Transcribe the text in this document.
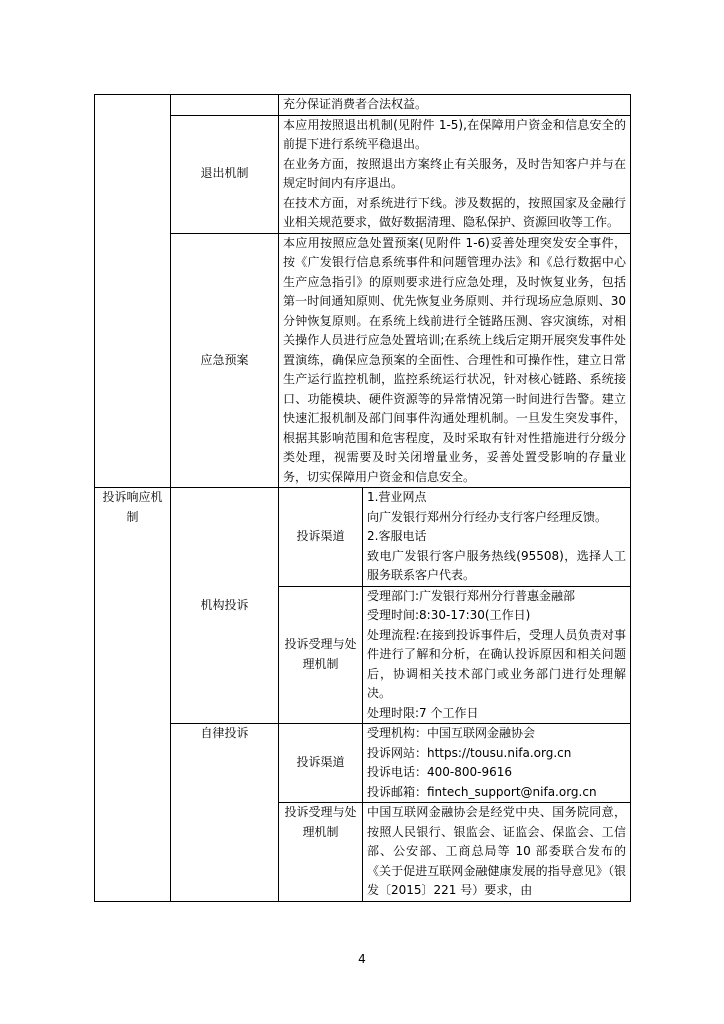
		充分保证消费者合法权益。	

	退出机制	本应用按照退出机制(见附件 1-5),在保障用户资金和信息安全的前提下进行系统平稳退出。

在业务方面，按照退出方案终止有关服务，及时告知客户并与在规定时间内有序退出。

在技术方面，对系统进行下线。涉及数据的，按照国家及金融行业相关规范要求，做好数据清理、隐私保护、资源回收等工作。	

	应急预案	本应用按照应急处置预案(见附件 1-6)妥善处理突发安全事件，按《广发银行信息系统事件和问题管理办法》和《总行数据中心生产应急指引》的原则要求进行应急处理，及时恢复业务，包括第一时间通知原则、优先恢复业务原则、并行现场应急原则、30 分钟恢复原则。在系统上线前进行全链路压测、容灾演练，对相关操作人员进行应急处置培训;在系统上线后定期开展突发事件处置演练，确保应急预案的全面性、合理性和可操作性，建立日常生产运行监控机制，监控系统运行状况，针对核心链路、系统接口、功能模块、硬件资源等的异常情况第一时间进行告警。建立快速汇报机制及部门间事件沟通处理机制。一旦发生突发事件，根据其影响范围和危害程度，及时采取有针对性措施进行分级分类处理，视需要及时关闭增量业务，妥善处置受影响的存量业务，切实保障用户资金和信息安全。	

投诉响应机制	机构投诉	投诉渠道	1.营业网点

向广发银行郑州分行经办支行客户经理反馈。

2.客服电话

致电广发银行客户服务热线(95508)，选择人工服务联系客户代表。

		投诉受理与处理机制	受理部门:广发银行郑州分行普惠金融部

受理时间:8:30-17:30(工作日)

处理流程:在接到投诉事件后，受理人员负责对事件进行了解和分析，在确认投诉原因和相关问题后，协调相关技术部门或业务部门进行处理解决。

处理时限:7 个工作日

	自律投诉	投诉渠道	受理机构：中国互联网金融协会

投诉网站：https://tousu.nifa.org.cn

投诉电话：400-800-9616

投诉邮箱：fintech_support@nifa.org.cn

		投诉受理与处理机制	中国互联网金融协会是经党中央、国务院同意，按照人民银行、银监会、证监会、保监会、工信部、公安部、工商总局等 10 部委联合发布的《关于促进互联网金融健康发展的指导意见》（银发〔2015〕221 号）要求，由

4
